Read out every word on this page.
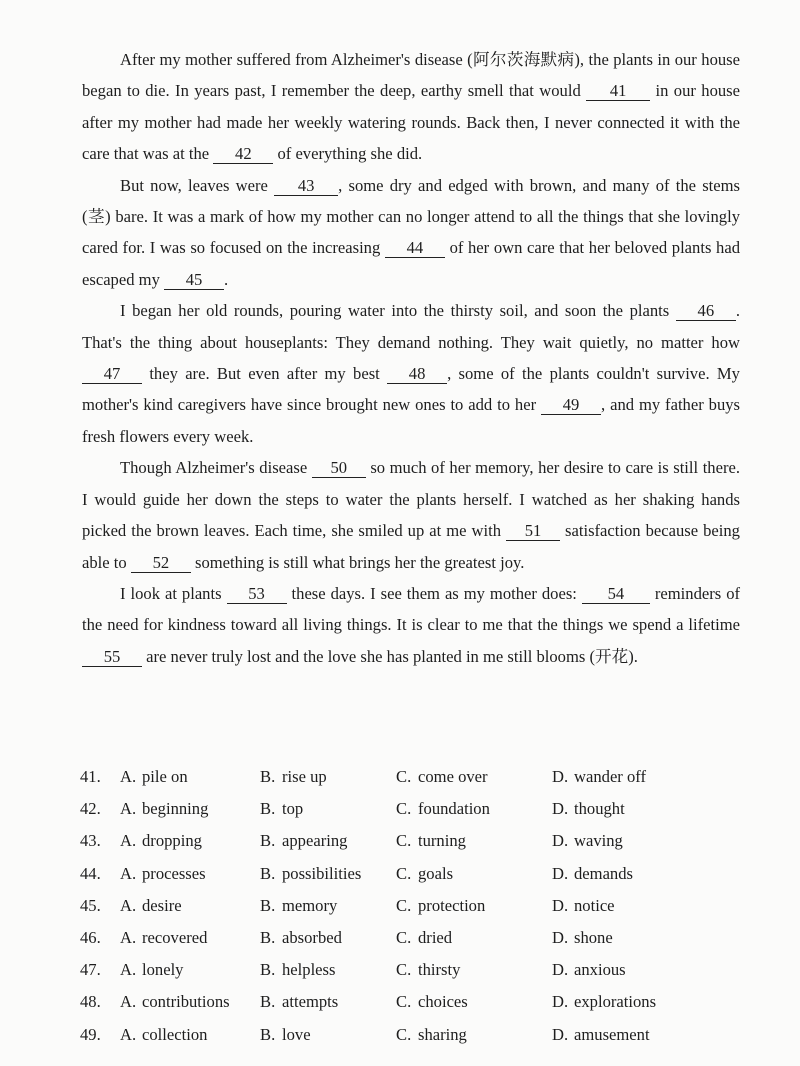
After my mother suffered from Alzheimer's disease (阿尔茨海默病), the plants in our house began to die. In years past, I remember the deep, earthy smell that would 41 in our house after my mother had made her weekly watering rounds. Back then, I never connected it with the care that was at the 42 of everything she did.

But now, leaves were 43 , some dry and edged with brown, and many of the stems (茎) bare. It was a mark of how my mother can no longer attend to all the things that she lovingly cared for. I was so focused on the increasing 44 of her own care that her beloved plants had escaped my 45 .

I began her old rounds, pouring water into the thirsty soil, and soon the plants 46 . That's the thing about houseplants: They demand nothing. They wait quietly, no matter how 47 they are. But even after my best 48 , some of the plants couldn't survive. My mother's kind caregivers have since brought new ones to add to her 49 , and my father buys fresh flowers every week.

Though Alzheimer's disease 50 so much of her memory, her desire to care is still there. I would guide her down the steps to water the plants herself. I watched as her shaking hands picked the brown leaves. Each time, she smiled up at me with 51 satisfaction because being able to 52 something is still what brings her the greatest joy.

I look at plants 53 these days. I see them as my mother does: 54 reminders of the need for kindness toward all living things. It is clear to me that the things we spend a lifetime 55 are never truly lost and the love she has planted in me still blooms (开花).

41. A. pile on	B. rise up	C. come over	D. wander off
42. A. beginning	B. top	C. foundation	D. thought
43. A. dropping	B. appearing	C. turning	D. waving
44. A. processes	B. possibilities	C. goals	D. demands
45. A. desire	B. memory	C. protection	D. notice
46. A. recovered	B. absorbed	C. dried	D. shone
47. A. lonely	B. helpless	C. thirsty	D. anxious
48. A. contributions	B. attempts	C. choices	D. explorations
49. A. collection	B. love	C. sharing	D. amusement
